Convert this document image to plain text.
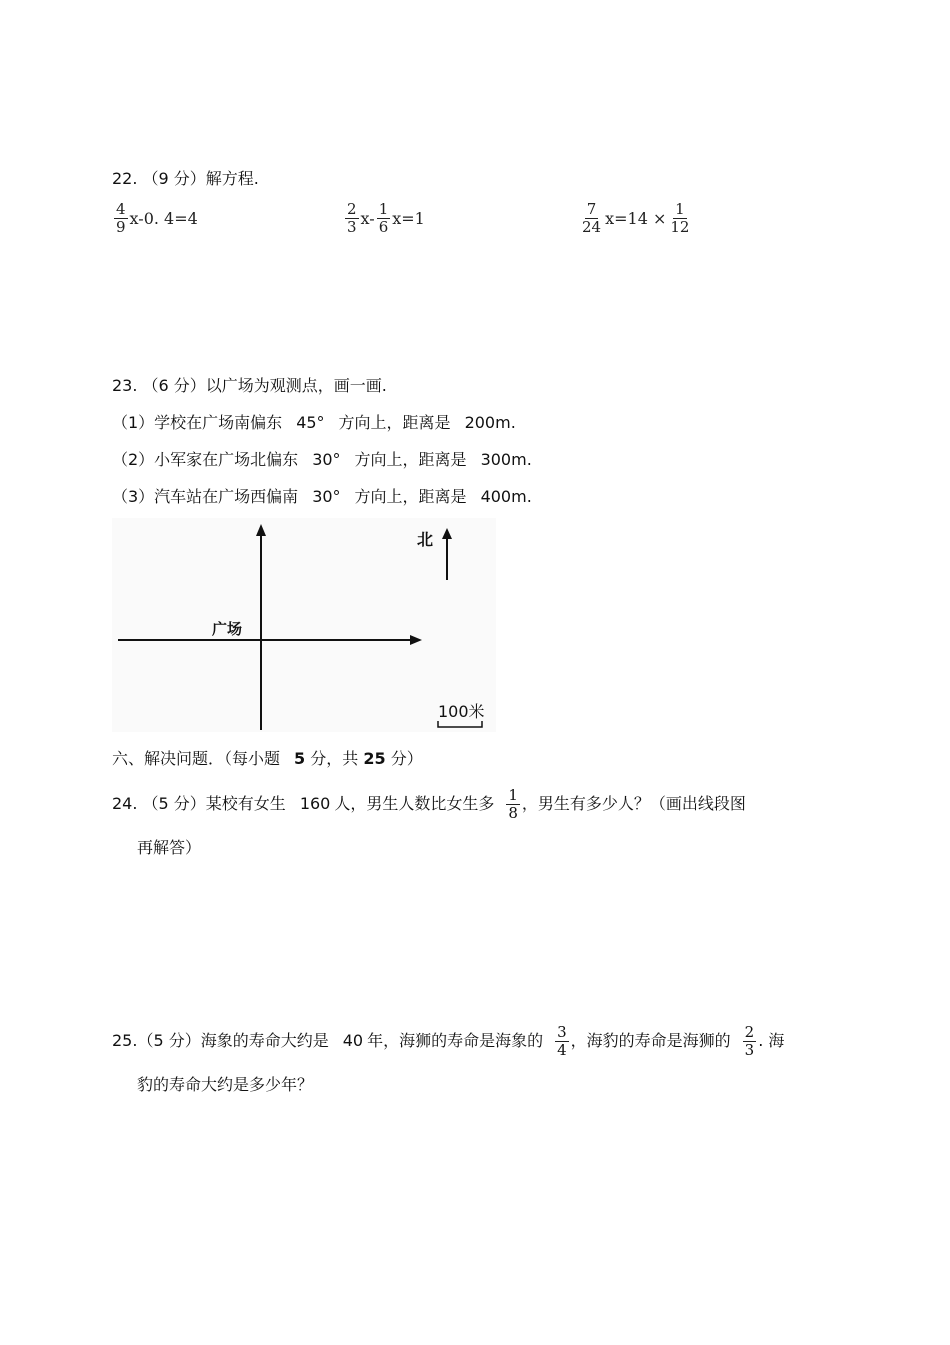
22. （9 分）解方程.
$\frac{4}{9} x-0$. 4=4	$\frac{2}{3} x- \frac{1}{6} x=1$	$\frac{7}{24} x=14 \times \frac{1}{12}$
23. （6 分）以广场为观测点，画一画.
（1）学校在广场南偏东 45° 方向上，距离是 200m.
（2）小军家在广场北偏东 30° 方向上，距离是 300m.
（3）汽车站在广场西偏南 30° 方向上，距离是 400m.
北
广场
100米
六、解决问题．（每小题 5 分，共 25 分）
24. （5 分）某校有女生 160 人，男生人数比女生多 $\frac{1}{8}$ ，男生有多少人？（画出线段图
再解答）
25.（5 分）海象的寿命大约是 40 年，海狮的寿命是海象的 $\frac{3}{4}$ ，海豹的寿命是海狮的 $\frac{2}{3}$ . 海
豹的寿命大约是多少年？
